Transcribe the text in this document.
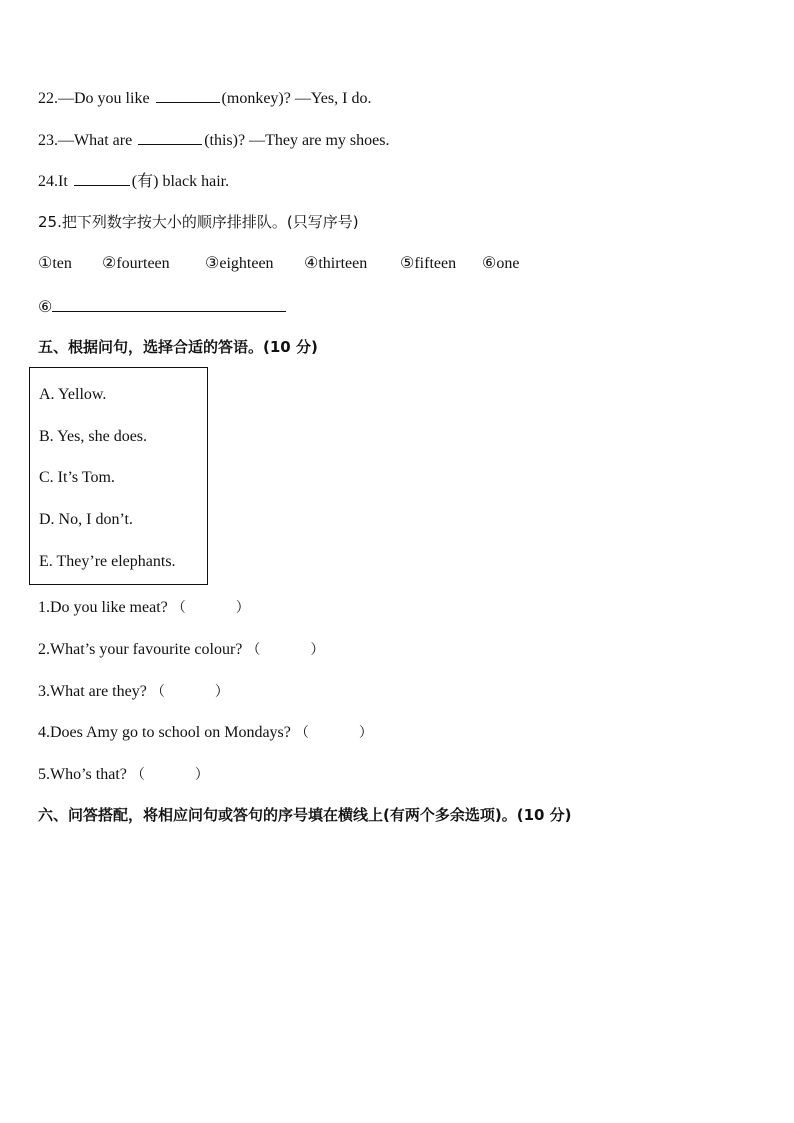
22.—Do you like	(monkey)? —Yes, I do.
23.—What are	(this)? —They are my shoes.
24.It	(有) black hair.
25.把下列数字按大小的顺序排排队。(只写序号)
①ten ②fourteen ③eighteen ④thirteen ⑤fifteen ⑥one
⑥
五、根据问句，选择合适的答语。(10 分)
A. Yellow.
B. Yes, she does.
C. It’s Tom.
D. No, I don’t.
E. They’re elephants.
1.Do you like meat? （	）
2.What’s your favourite colour? （	）
3.What are they? （	）
4.Does Amy go to school on Mondays? （	）
5.Who’s that? （	）
六、问答搭配，将相应问句或答句的序号填在横线上(有两个多余选项)。(10 分)
